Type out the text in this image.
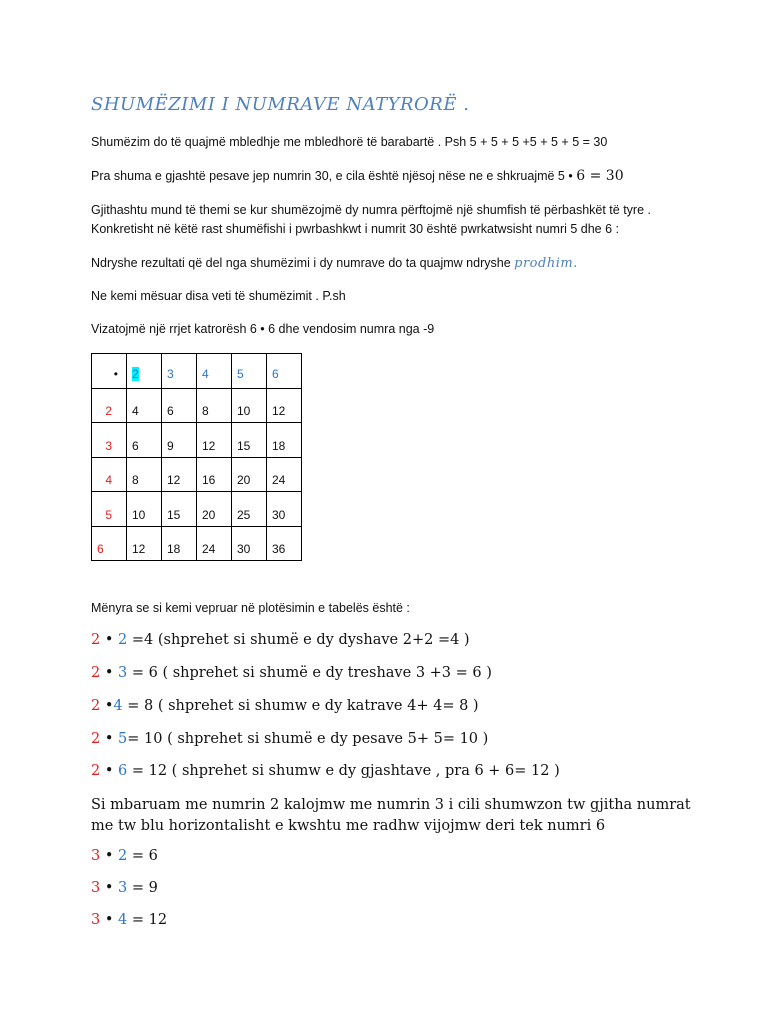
SHUMËZIMI I NUMRAVE NATYRORË .
Shumëzim do të quajmë mbledhje me mbledhorë të barabartë . Psh 5 + 5 + 5 +5 + 5 + 5 = 30
Pra shuma e gjashtë pesave jep numrin 30, e cila është njësoj nëse ne e shkruajmë 5 • 6 = 30
Gjithashtu mund të themi se kur shumëzojmë dy numra përftojmë një shumfish të përbashkët të tyre .
Konkretisht në këtë rast shumëfishi i pwrbashkwt i numrit 30 është pwrkatwsisht numri 5 dhe 6 :
Ndryshe rezultati që del nga shumëzimi i dy numrave do ta quajmw ndryshe prodhim.
Ne kemi mësuar disa veti të shumëzimit . P.sh
Vizatojmë një rrjet katrorësh 6 • 6 dhe vendosim numra nga -9
•	2	3	4	5	6
2	4	6	8	10	12
3	6	9	12	15	18
4	8	12	16	20	24
5	10	15	20	25	30
6	12	18	24	30	36
Mënyra se si kemi vepruar në plotësimin e tabelës është :
2 • 2 =4 (shprehet si shumë e dy dyshave 2+2 =4 )
2 • 3 = 6 ( shprehet si shumë e dy treshave 3 +3 = 6 )
2 •4 = 8 ( shprehet si shumw e dy katrave 4+ 4= 8 )
2 • 5= 10 ( shprehet si shumë e dy pesave 5+ 5= 10 )
2 • 6 = 12 ( shprehet si shumw e dy gjashtave , pra 6 + 6= 12 )
Si mbaruam me numrin 2 kalojmw me numrin 3 i cili shumwzon tw gjitha numrat
me tw blu horizontalisht e kwshtu me radhw vijojmw deri tek numri 6
3 • 2 = 6
3 • 3 = 9
3 • 4 = 12
